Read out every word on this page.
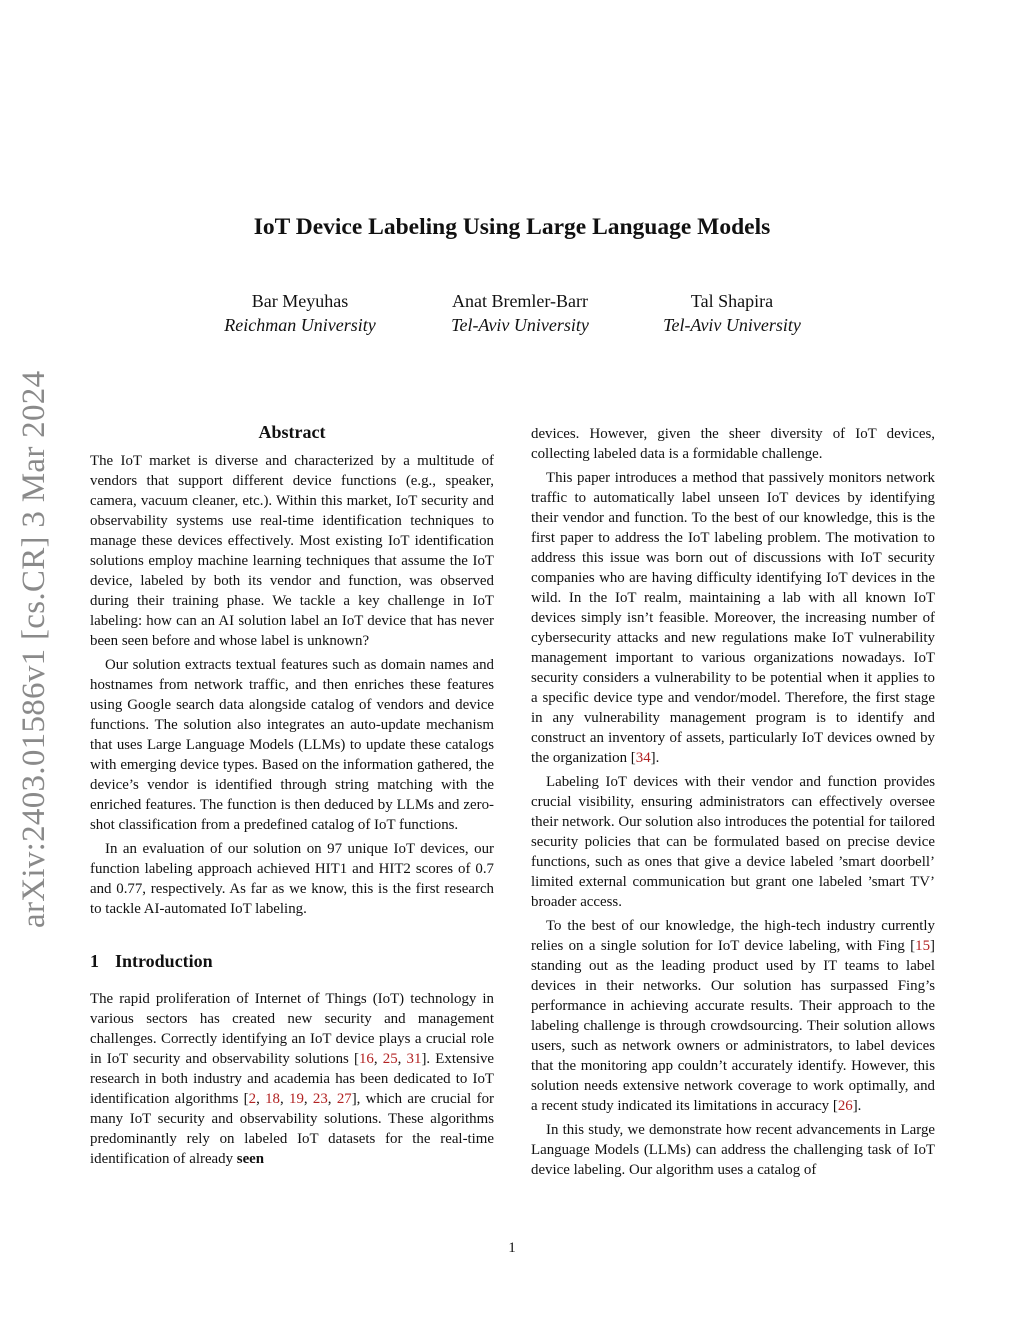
arXiv:2403.01586v1 [cs.CR] 3 Mar 2024
IoT Device Labeling Using Large Language Models
Bar Meyuhas
Reichman University
Anat Bremler-Barr
Tel-Aviv University
Tal Shapira
Tel-Aviv University
Abstract

The IoT market is diverse and characterized by a multitude of vendors that support different device functions (e.g., speaker, camera, vacuum cleaner, etc.). Within this market, IoT security and observability systems use real-time identification techniques to manage these devices effectively. Most existing IoT identification solutions employ machine learning techniques that assume the IoT device, labeled by both its vendor and function, was observed during their training phase. We tackle a key challenge in IoT labeling: how can an AI solution label an IoT device that has never been seen before and whose label is unknown?

Our solution extracts textual features such as domain names and hostnames from network traffic, and then enriches these features using Google search data alongside catalog of vendors and device functions. The solution also integrates an auto-update mechanism that uses Large Language Models (LLMs) to update these catalogs with emerging device types. Based on the information gathered, the device’s vendor is identified through string matching with the enriched features. The function is then deduced by LLMs and zero-shot classification from a predefined catalog of IoT functions.

In an evaluation of our solution on 97 unique IoT devices, our function labeling approach achieved HIT1 and HIT2 scores of 0.7 and 0.77, respectively. As far as we know, this is the first research to tackle AI-automated IoT labeling.

1 Introduction

The rapid proliferation of Internet of Things (IoT) technology in various sectors has created new security and management challenges. Correctly identifying an IoT device plays a crucial role in IoT security and observability solutions [16, 25, 31]. Extensive research in both industry and academia has been dedicated to IoT identification algorithms [2, 18, 19, 23, 27], which are crucial for many IoT security and observability solutions. These algorithms predominantly rely on labeled IoT datasets for the real-time identification of already seen

devices. However, given the sheer diversity of IoT devices, collecting labeled data is a formidable challenge.

This paper introduces a method that passively monitors network traffic to automatically label unseen IoT devices by identifying their vendor and function. To the best of our knowledge, this is the first paper to address the IoT labeling problem. The motivation to address this issue was born out of discussions with IoT security companies who are having difficulty identifying IoT devices in the wild. In the IoT realm, maintaining a lab with all known IoT devices simply isn’t feasible. Moreover, the increasing number of cybersecurity attacks and new regulations make IoT vulnerability management important to various organizations nowadays. IoT security considers a vulnerability to be potential when it applies to a specific device type and vendor/model. Therefore, the first stage in any vulnerability management program is to identify and construct an inventory of assets, particularly IoT devices owned by the organization [34].

Labeling IoT devices with their vendor and function provides crucial visibility, ensuring administrators can effectively oversee their network. Our solution also introduces the potential for tailored security policies that can be formulated based on precise device functions, such as ones that give a device labeled ’smart doorbell’ limited external communication but grant one labeled ’smart TV’ broader access.

To the best of our knowledge, the high-tech industry currently relies on a single solution for IoT device labeling, with Fing [15] standing out as the leading product used by IT teams to label devices in their networks. Our solution has surpassed Fing’s performance in achieving accurate results. Their approach to the labeling challenge is through crowdsourcing. Their solution allows users, such as network owners or administrators, to label devices that the monitoring app couldn’t accurately identify. However, this solution needs extensive network coverage to work optimally, and a recent study indicated its limitations in accuracy [26].

In this study, we demonstrate how recent advancements in Large Language Models (LLMs) can address the challenging task of IoT device labeling. Our algorithm uses a catalog of

1
